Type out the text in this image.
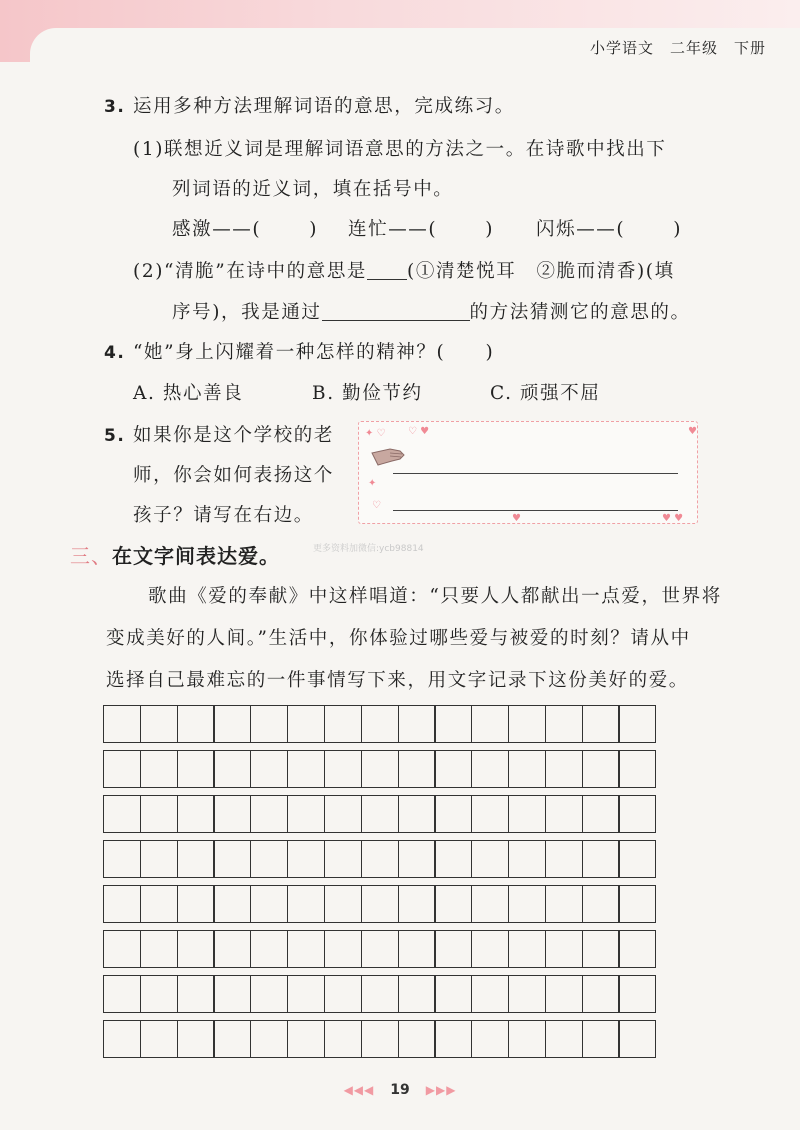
小学语文　二年级　下册
3. 运用多种方法理解词语的意思，完成练习。
(1)联想近义词是理解词语意思的方法之一。在诗歌中找出下
列词语的近义词，填在括号中。
感激——(	) 连忙——(	) 闪烁——(	)
(2)“清脆”在诗中的意思是 (①清楚悦耳　②脆而清香)(填
序号)，我是通过	的方法猜测它的意思的。
4. “她”身上闪耀着一种怎样的精神？(　　)
A. 热心善良	B. 勤俭节约	C. 顽强不屈
5. 如果你是这个学校的老
师，你会如何表扬这个
孩子？请写在右边。
✦ ♡ ♡ ♥
✦
♡
♥	♥ ♥
♥
三、在文字间表达爱。	更多资料加微信:ycb98814
歌曲《爱的奉献》中这样唱道：“只要人人都献出一点爱，世界将
变成美好的人间。”生活中，你体验过哪些爱与被爱的时刻？请从中
选择自己最难忘的一件事情写下来，用文字记录下这份美好的爱。
◀◀◀ 19 ▶▶▶
